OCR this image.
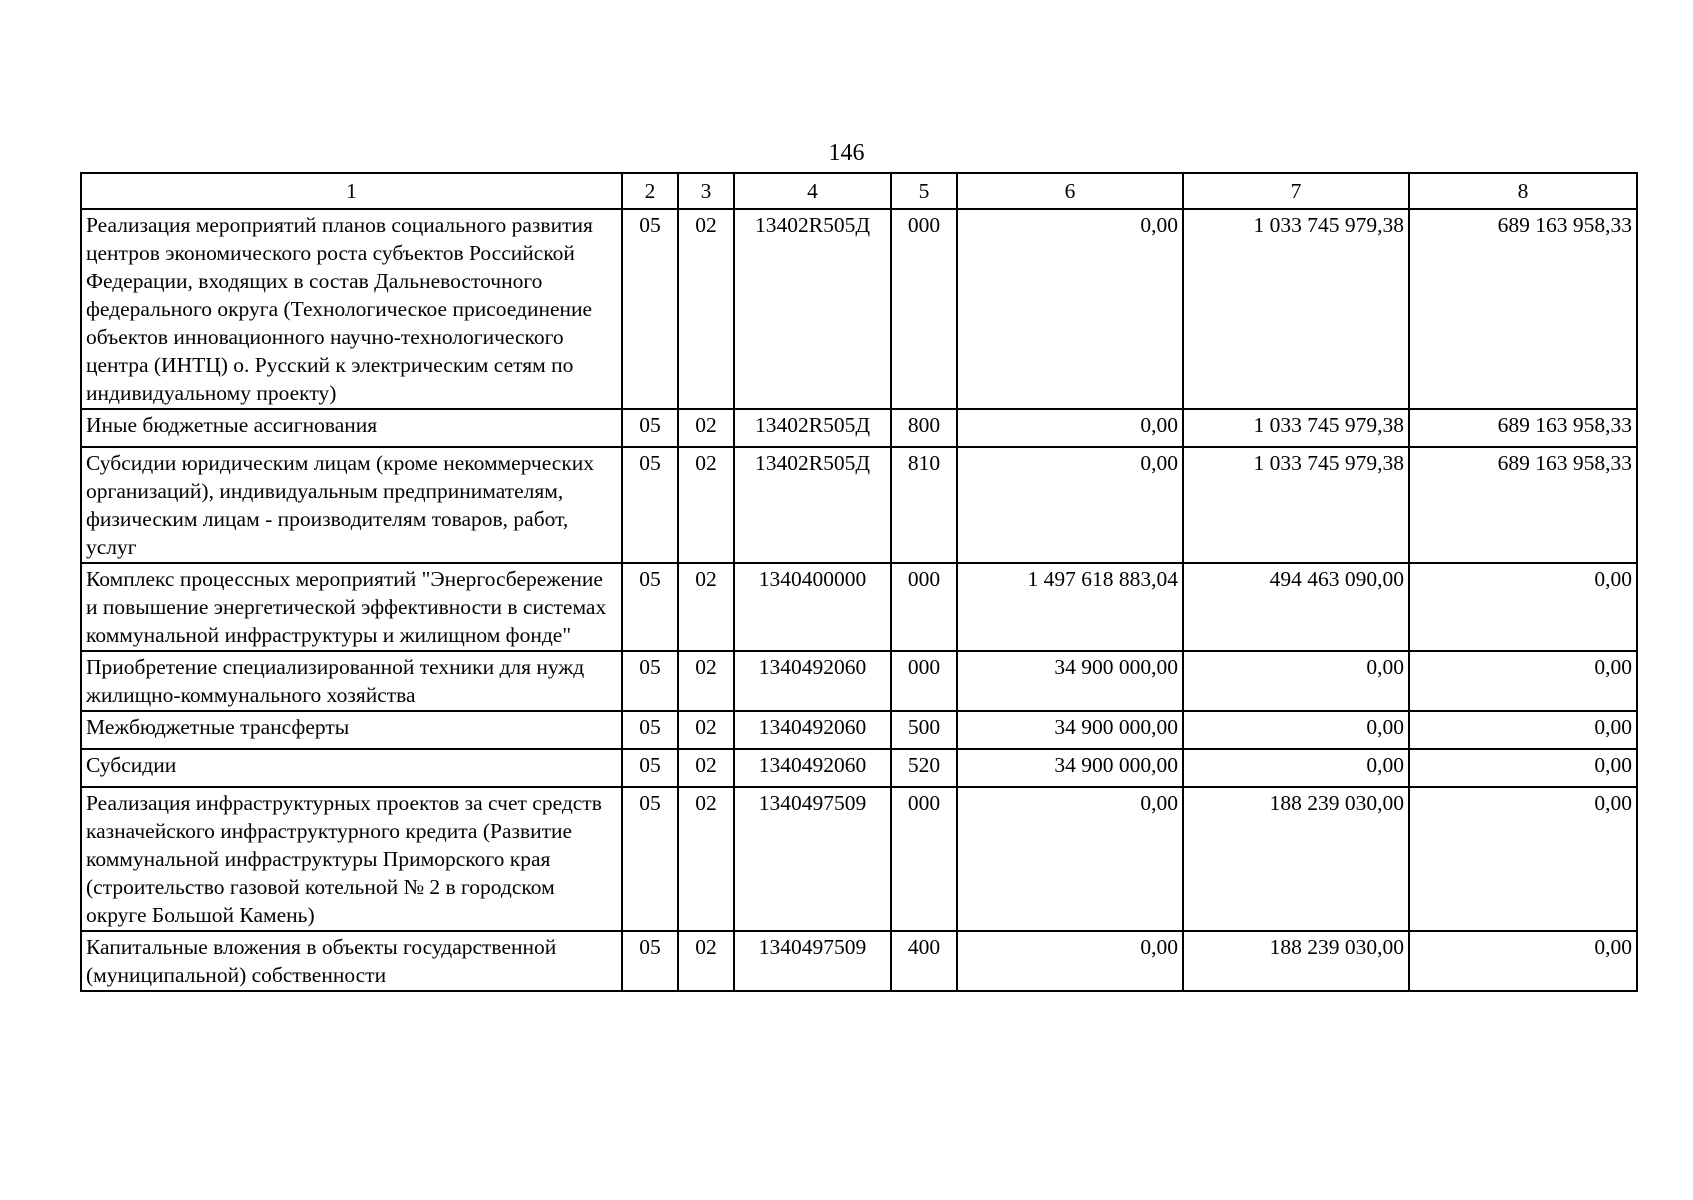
146
1	2	3	4	5	6	7	8
Реализация мероприятий планов социального развития центров экономического роста субъектов Российской Федерации, входящих в состав Дальневосточного федерального округа (Технологическое присоединение объектов инновационного научно-технологического центра (ИНТЦ) о. Русский к электрическим сетям по индивидуальному проекту)	05	02	13402R505Д	000	0,00	1 033 745 979,38	689 163 958,33
Иные бюджетные ассигнования	05	02	13402R505Д	800	0,00	1 033 745 979,38	689 163 958,33
Субсидии юридическим лицам (кроме некоммерческих организаций), индивидуальным предпринимателям, физическим лицам - производителям товаров, работ, услуг	05	02	13402R505Д	810	0,00	1 033 745 979,38	689 163 958,33
Комплекс процессных мероприятий "Энергосбережение и повышение энергетической эффективности в системах коммунальной инфраструктуры и жилищном фонде"	05	02	1340400000	000	1 497 618 883,04	494 463 090,00	0,00
Приобретение специализированной техники для нужд жилищно-коммунального хозяйства	05	02	1340492060	000	34 900 000,00	0,00	0,00
Межбюджетные трансферты	05	02	1340492060	500	34 900 000,00	0,00	0,00
Субсидии	05	02	1340492060	520	34 900 000,00	0,00	0,00
Реализация инфраструктурных проектов за счет средств казначейского инфраструктурного кредита (Развитие коммунальной инфраструктуры Приморского края (строительство газовой котельной № 2 в городском округе Большой Камень)	05	02	1340497509	000	0,00	188 239 030,00	0,00
Капитальные вложения в объекты государственной (муниципальной) собственности	05	02	1340497509	400	0,00	188 239 030,00	0,00
